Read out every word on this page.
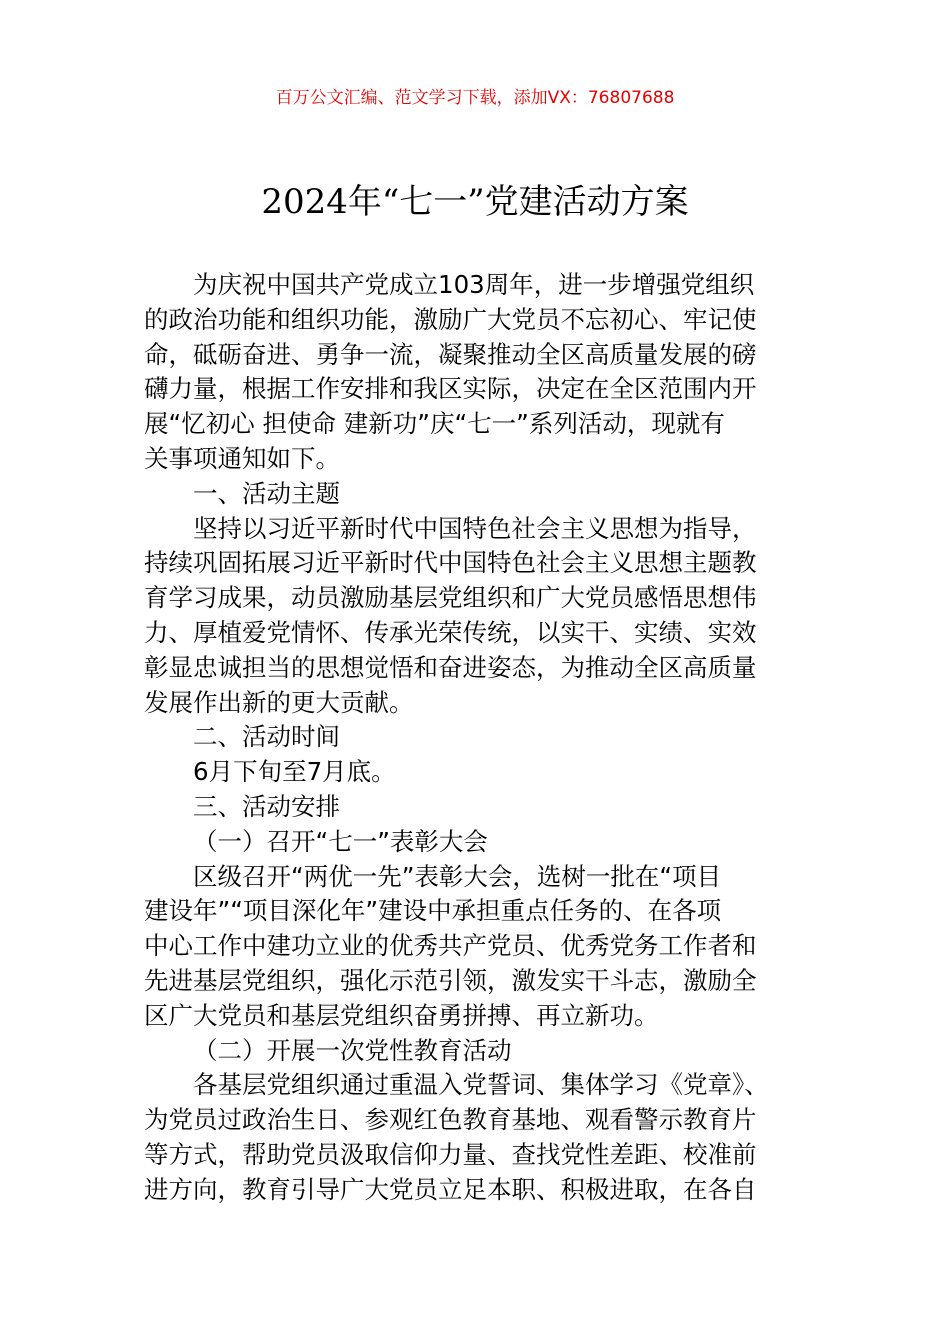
百万公文汇编、范文学习下载，添加VX：76807688
2024年“七一”党建活动方案
为庆祝中国共产党成立103周年，进一步增强党组织
的政治功能和组织功能，激励广大党员不忘初心、牢记使
命，砥砺奋进、勇争一流，凝聚推动全区高质量发展的磅
礴力量，根据工作安排和我区实际，决定在全区范围内开
展“忆初心 担使命 建新功”庆“七一”系列活动，现就有
关事项通知如下。
一、活动主题
坚持以习近平新时代中国特色社会主义思想为指导，
持续巩固拓展习近平新时代中国特色社会主义思想主题教
育学习成果，动员激励基层党组织和广大党员感悟思想伟
力、厚植爱党情怀、传承光荣传统，以实干、实绩、实效
彰显忠诚担当的思想觉悟和奋进姿态，为推动全区高质量
发展作出新的更大贡献。
二、活动时间
6月下旬至7月底。
三、活动安排
（一）召开“七一”表彰大会
区级召开“两优一先”表彰大会，选树一批在“项目
建设年”“项目深化年”建设中承担重点任务的、在各项
中心工作中建功立业的优秀共产党员、优秀党务工作者和
先进基层党组织，强化示范引领，激发实干斗志，激励全
区广大党员和基层党组织奋勇拼搏、再立新功。
（二）开展一次党性教育活动
各基层党组织通过重温入党誓词、集体学习《党章》、
为党员过政治生日、参观红色教育基地、观看警示教育片
等方式，帮助党员汲取信仰力量、查找党性差距、校准前
进方向，教育引导广大党员立足本职、积极进取，在各自
